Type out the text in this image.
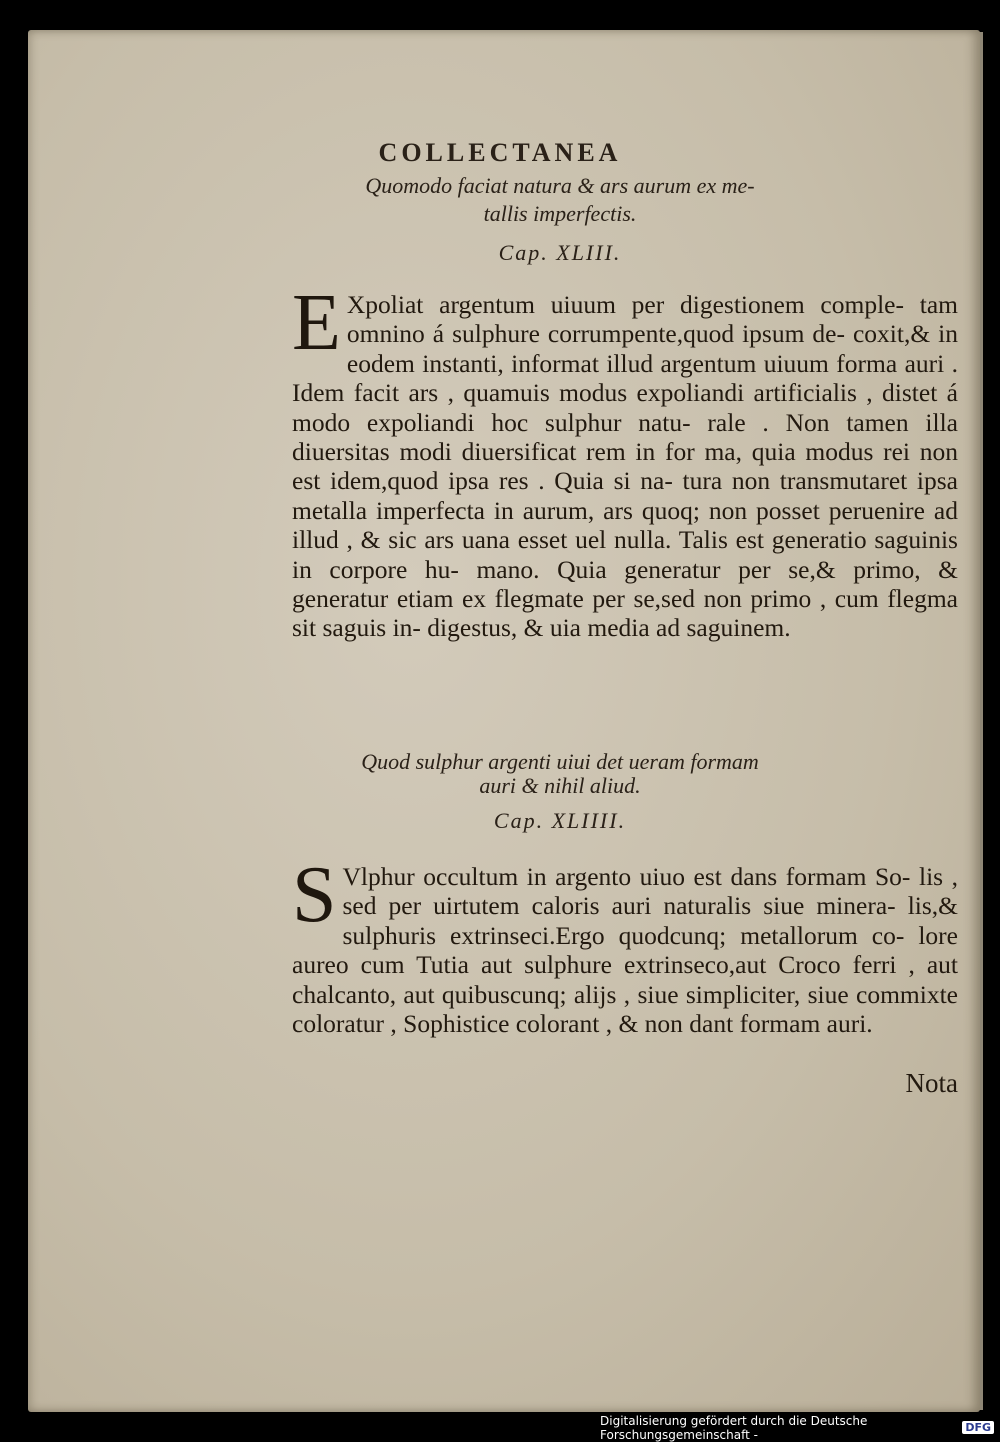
COLLECTANEA
Quomodo faciat natura & ars aurum ex me-
tallis imperfectis.
Cap. XLIII.
E Xpoliat argentum uiuum per digestionem comple- tam omnino á sulphure corrumpente,quod ipsum de- coxit,& in eodem instanti, informat illud argentum uiuum forma auri . Idem facit ars , quamuis modus expoliandi artificialis , distet á modo expoliandi hoc sulphur natu- rale . Non tamen illa diuersitas modi diuersificat rem in for ma, quia modus rei non est idem,quod ipsa res . Quia si na- tura non transmutaret ipsa metalla imperfecta in aurum, ars quoq; non posset peruenire ad illud , & sic ars uana esset uel nulla. Talis est generatio saguinis in corpore hu- mano. Quia generatur per se,& primo, & generatur etiam ex flegmate per se,sed non primo , cum flegma sit saguis in- digestus, & uia media ad saguinem.
Quod sulphur argenti uiui det ueram formam
auri & nihil aliud.
Cap. XLIIII.
S Vlphur occultum in argento uiuo est dans formam So- lis , sed per uirtutem caloris auri naturalis siue minera- lis,& sulphuris extrinseci.Ergo quodcunq; metallorum co- lore aureo cum Tutia aut sulphure extrinseco,aut Croco ferri , aut chalcanto, aut quibuscunq; alijs , siue simpliciter, siue commixte coloratur , Sophistice colorant , & non dant formam auri.
Nota
Digitalisierung gefördert durch die Deutsche Forschungsgemeinschaft -	DFG
